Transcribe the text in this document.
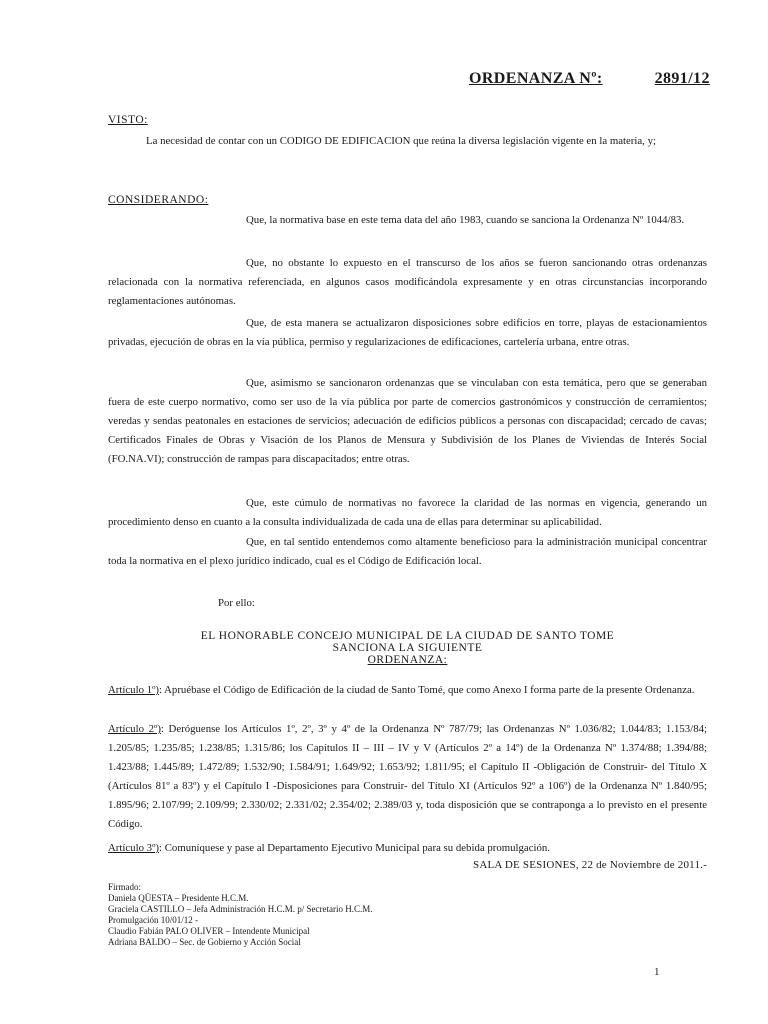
ORDENANZA Nº:	2891/12
VISTO:
La necesidad de contar con un CODIGO DE EDIFICACION que reúna la diversa legislación vigente en la materia, y;
CONSIDERANDO:
Que, la normativa base en este tema data del año 1983, cuando se sanciona la Ordenanza Nº 1044/83.
Que, no obstante lo expuesto en el transcurso de los años se fueron sancionando otras ordenanzas relacionada con la normativa referenciada, en algunos casos modificándola expresamente y en otras circunstancias incorporando reglamentaciones autónomas.
Que, de esta manera se actualizaron disposiciones sobre edificios en torre, playas de estacionamientos privadas, ejecución de obras en la vía pública, permiso y regularizaciones de edificaciones, cartelería urbana, entre otras.
Que, asimismo se sancionaron ordenanzas que se vinculaban con esta temática, pero que se generaban fuera de este cuerpo normativo, como ser uso de la vía pública por parte de comercios gastronómicos y construcción de cerramientos; veredas y sendas peatonales en estaciones de servicios; adecuación de edificios públicos a personas con discapacidad; cercado de cavas; Certificados Finales de Obras y Visación de los Planos de Mensura y Subdivisión de los Planes de Viviendas de Interés Social (FO.NA.VI); construcción de rampas para discapacitados; entre otras.
Que, este cúmulo de normativas no favorece la claridad de las normas en vigencia, generando un procedimiento denso en cuanto a la consulta individualizada de cada una de ellas para determinar su aplicabilidad.
Que, en tal sentido entendemos como altamente beneficioso para la administración municipal concentrar toda la normativa en el plexo jurídico indicado, cual es el Código de Edificación local.
Por ello:
EL HONORABLE CONCEJO MUNICIPAL DE LA CIUDAD DE SANTO TOME
SANCIONA LA SIGUIENTE
ORDENANZA:
Artículo 1º): Apruébase el Código de Edificación de la ciudad de Santo Tomé, que como Anexo I forma parte de la presente Ordenanza.
Artículo 2º): Deróguense los Artículos 1º, 2º, 3º y 4º de la Ordenanza Nº 787/79; las Ordenanzas Nº 1.036/82; 1.044/83; 1.153/84; 1.205/85; 1.235/85; 1.238/85; 1.315/86; los Capítulos II – III – IV y V (Artículos 2º a 14º) de la Ordenanza Nº 1.374/88; 1.394/88; 1.423/88; 1.445/89; 1.472/89; 1.532/90; 1.584/91; 1.649/92; 1.653/92; 1.811/95; el Capítulo II -Obligación de Construir- del Título X (Artículos 81º a 83º) y el Capítulo I -Disposiciones para Construir- del Título XI (Artículos 92º a 106º) de la Ordenanza Nº 1.840/95; 1.895/96; 2.107/99; 2.109/99; 2.330/02; 2.331/02; 2.354/02; 2.389/03 y, toda disposición que se contraponga a lo previsto en el presente Código.
Artículo 3º): Comuníquese y pase al Departamento Ejecutivo Municipal para su debida promulgación.
SALA DE SESIONES, 22 de Noviembre de 2011.-
Firmado:
Daniela QÜESTA – Presidente H.C.M.
Graciela CASTILLO – Jefa Administración H.C.M. p/ Secretario H.C.M.
Promulgación 10/01/12 -
Claudio Fabián PALO OLIVER – Intendente Municipal
Adriana BALDO – Sec. de Gobierno y Acción Social
1
